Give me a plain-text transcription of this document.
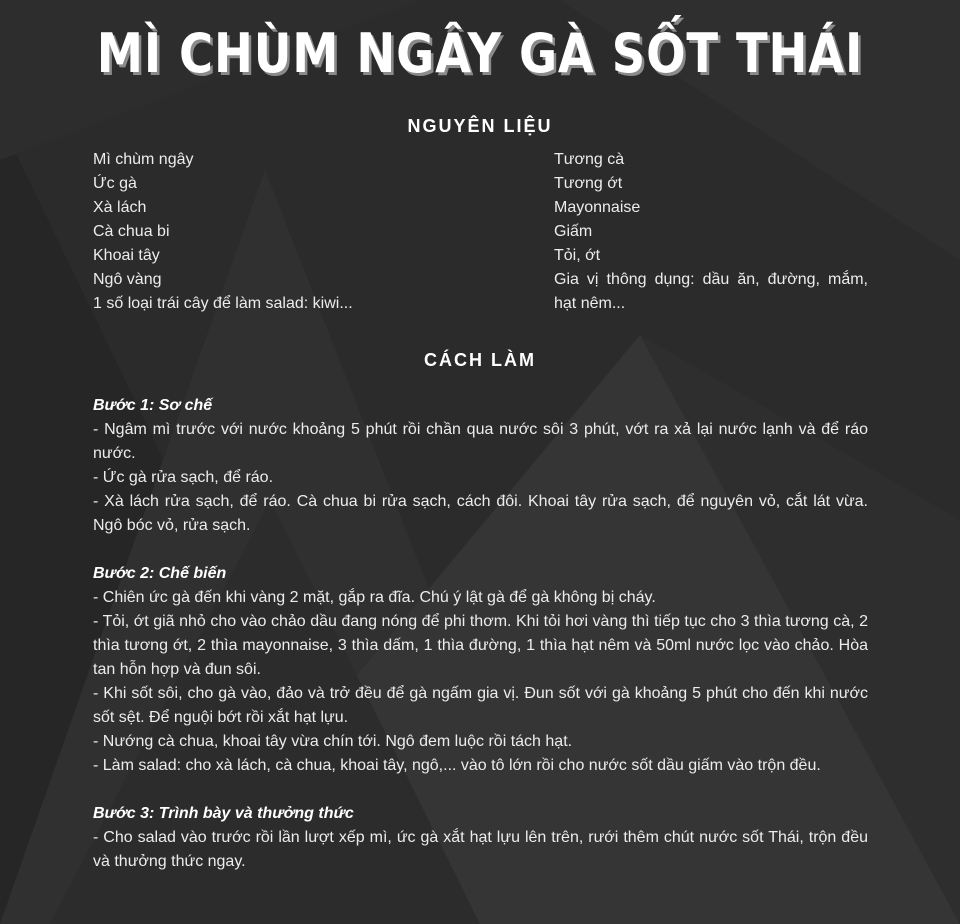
MÌ CHÙM NGÂY GÀ SỐT THÁI
NGUYÊN LIỆU
Mì chùm ngây
Ức gà
Xà lách
Cà chua bi
Khoai tây
Ngô vàng
1 số loại trái cây để làm salad: kiwi...
Tương cà
Tương ớt
Mayonnaise
Giấm
Tỏi, ớt
Gia vị thông dụng: dầu ăn, đường, mắm, hạt nêm...
CÁCH LÀM
Bước 1: Sơ chế

- Ngâm mì trước với nước khoảng 5 phút rồi chần qua nước sôi 3 phút, vớt ra xả lại nước lạnh và để ráo nước.

- Ức gà rửa sạch, để ráo.

- Xà lách rửa sạch, để ráo. Cà chua bi rửa sạch, cách đôi. Khoai tây rửa sạch, để nguyên vỏ, cắt lát vừa. Ngô bóc vỏ, rửa sạch.

Bước 2: Chế biến

- Chiên ức gà đến khi vàng 2 mặt, gắp ra đĩa. Chú ý lật gà để gà không bị cháy.

- Tỏi, ớt giã nhỏ cho vào chảo dầu đang nóng để phi thơm. Khi tỏi hơi vàng thì tiếp tục cho 3 thìa tương cà, 2 thìa tương ớt, 2 thìa mayonnaise, 3 thìa dấm, 1 thìa đường, 1 thìa hạt nêm và 50ml nước lọc vào chảo. Hòa tan hỗn hợp và đun sôi.

- Khi sốt sôi, cho gà vào, đảo và trở đều để gà ngấm gia vị. Đun sốt với gà khoảng 5 phút cho đến khi nước sốt sệt. Để nguội bớt rồi xắt hạt lựu.

- Nướng cà chua, khoai tây vừa chín tới. Ngô đem luộc rồi tách hạt.

- Làm salad: cho xà lách, cà chua, khoai tây, ngô,... vào tô lớn rồi cho nước sốt dầu giấm vào trộn đều.

Bước 3: Trình bày và thưởng thức

- Cho salad vào trước rồi lần lượt xếp mì, ức gà xắt hạt lựu lên trên, rưới thêm chút nước sốt Thái, trộn đều và thưởng thức ngay.
